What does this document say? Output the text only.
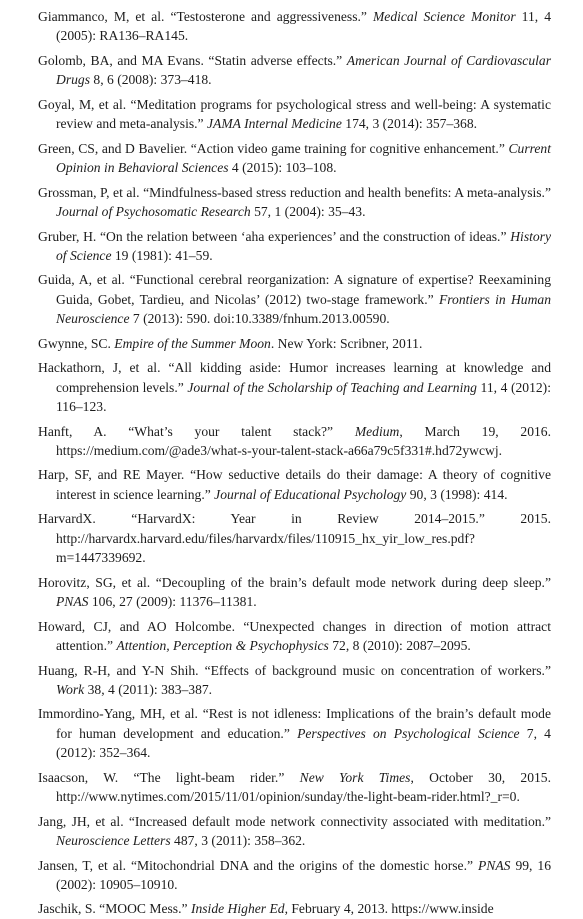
Giammanco, M, et al. “Testosterone and aggressiveness.” Medical Science Monitor 11, 4 (2005): RA136–RA145.

Golomb, BA, and MA Evans. “Statin adverse effects.” American Journal of Cardiovascular Drugs 8, 6 (2008): 373–418.

Goyal, M, et al. “Meditation programs for psychological stress and well-being: A systematic review and meta-analysis.” JAMA Internal Medicine 174, 3 (2014): 357–368.

Green, CS, and D Bavelier. “Action video game training for cognitive enhancement.” Current Opinion in Behavioral Sciences 4 (2015): 103–108.

Grossman, P, et al. “Mindfulness-based stress reduction and health benefits: A meta-analysis.” Journal of Psychosomatic Research 57, 1 (2004): 35–43.

Gruber, H. “On the relation between ‘aha experiences’ and the construction of ideas.” History of Science 19 (1981): 41–59.

Guida, A, et al. “Functional cerebral reorganization: A signature of expertise? Reexamining Guida, Gobet, Tardieu, and Nicolas’ (2012) two-stage framework.” Frontiers in Human Neuroscience 7 (2013): 590. doi:10.3389/fnhum.2013.00590.

Gwynne, SC. Empire of the Summer Moon. New York: Scribner, 2011.

Hackathorn, J, et al. “All kidding aside: Humor increases learning at knowledge and comprehension levels.” Journal of the Scholarship of Teaching and Learning 11, 4 (2012): 116–123.

Hanft, A. “What’s your talent stack?” Medium, March 19, 2016. https://medium.com/@ade3/what-s-your-talent-stack-a66a79c5f331#.hd72ywcwj.

Harp, SF, and RE Mayer. “How seductive details do their damage: A theory of cognitive interest in science learning.” Journal of Educational Psychology 90, 3 (1998): 414.

HarvardX. “HarvardX: Year in Review 2014–2015.” 2015. http://harvardx.harvard.edu/files/harvardx/files/110915_hx_yir_low_res.pdf?m=1447339692.

Horovitz, SG, et al. “Decoupling of the brain’s default mode network during deep sleep.” PNAS 106, 27 (2009): 11376–11381.

Howard, CJ, and AO Holcombe. “Unexpected changes in direction of motion attract attention.” Attention, Perception & Psychophysics 72, 8 (2010): 2087–2095.

Huang, R-H, and Y-N Shih. “Effects of background music on concentration of workers.” Work 38, 4 (2011): 383–387.

Immordino-Yang, MH, et al. “Rest is not idleness: Implications of the brain’s default mode for human development and education.” Perspectives on Psychological Science 7, 4 (2012): 352–364.

Isaacson, W. “The light-beam rider.” New York Times, October 30, 2015. http://www.nytimes.com/2015/11/01/opinion/sunday/the-light-beam-rider.html?_r=0.

Jang, JH, et al. “Increased default mode network connectivity associated with meditation.” Neuroscience Letters 487, 3 (2011): 358–362.

Jansen, T, et al. “Mitochondrial DNA and the origins of the domestic horse.” PNAS 99, 16 (2002): 10905–10910.

Jaschik, S. “MOOC Mess.” Inside Higher Ed, February 4, 2013. https://www.inside
